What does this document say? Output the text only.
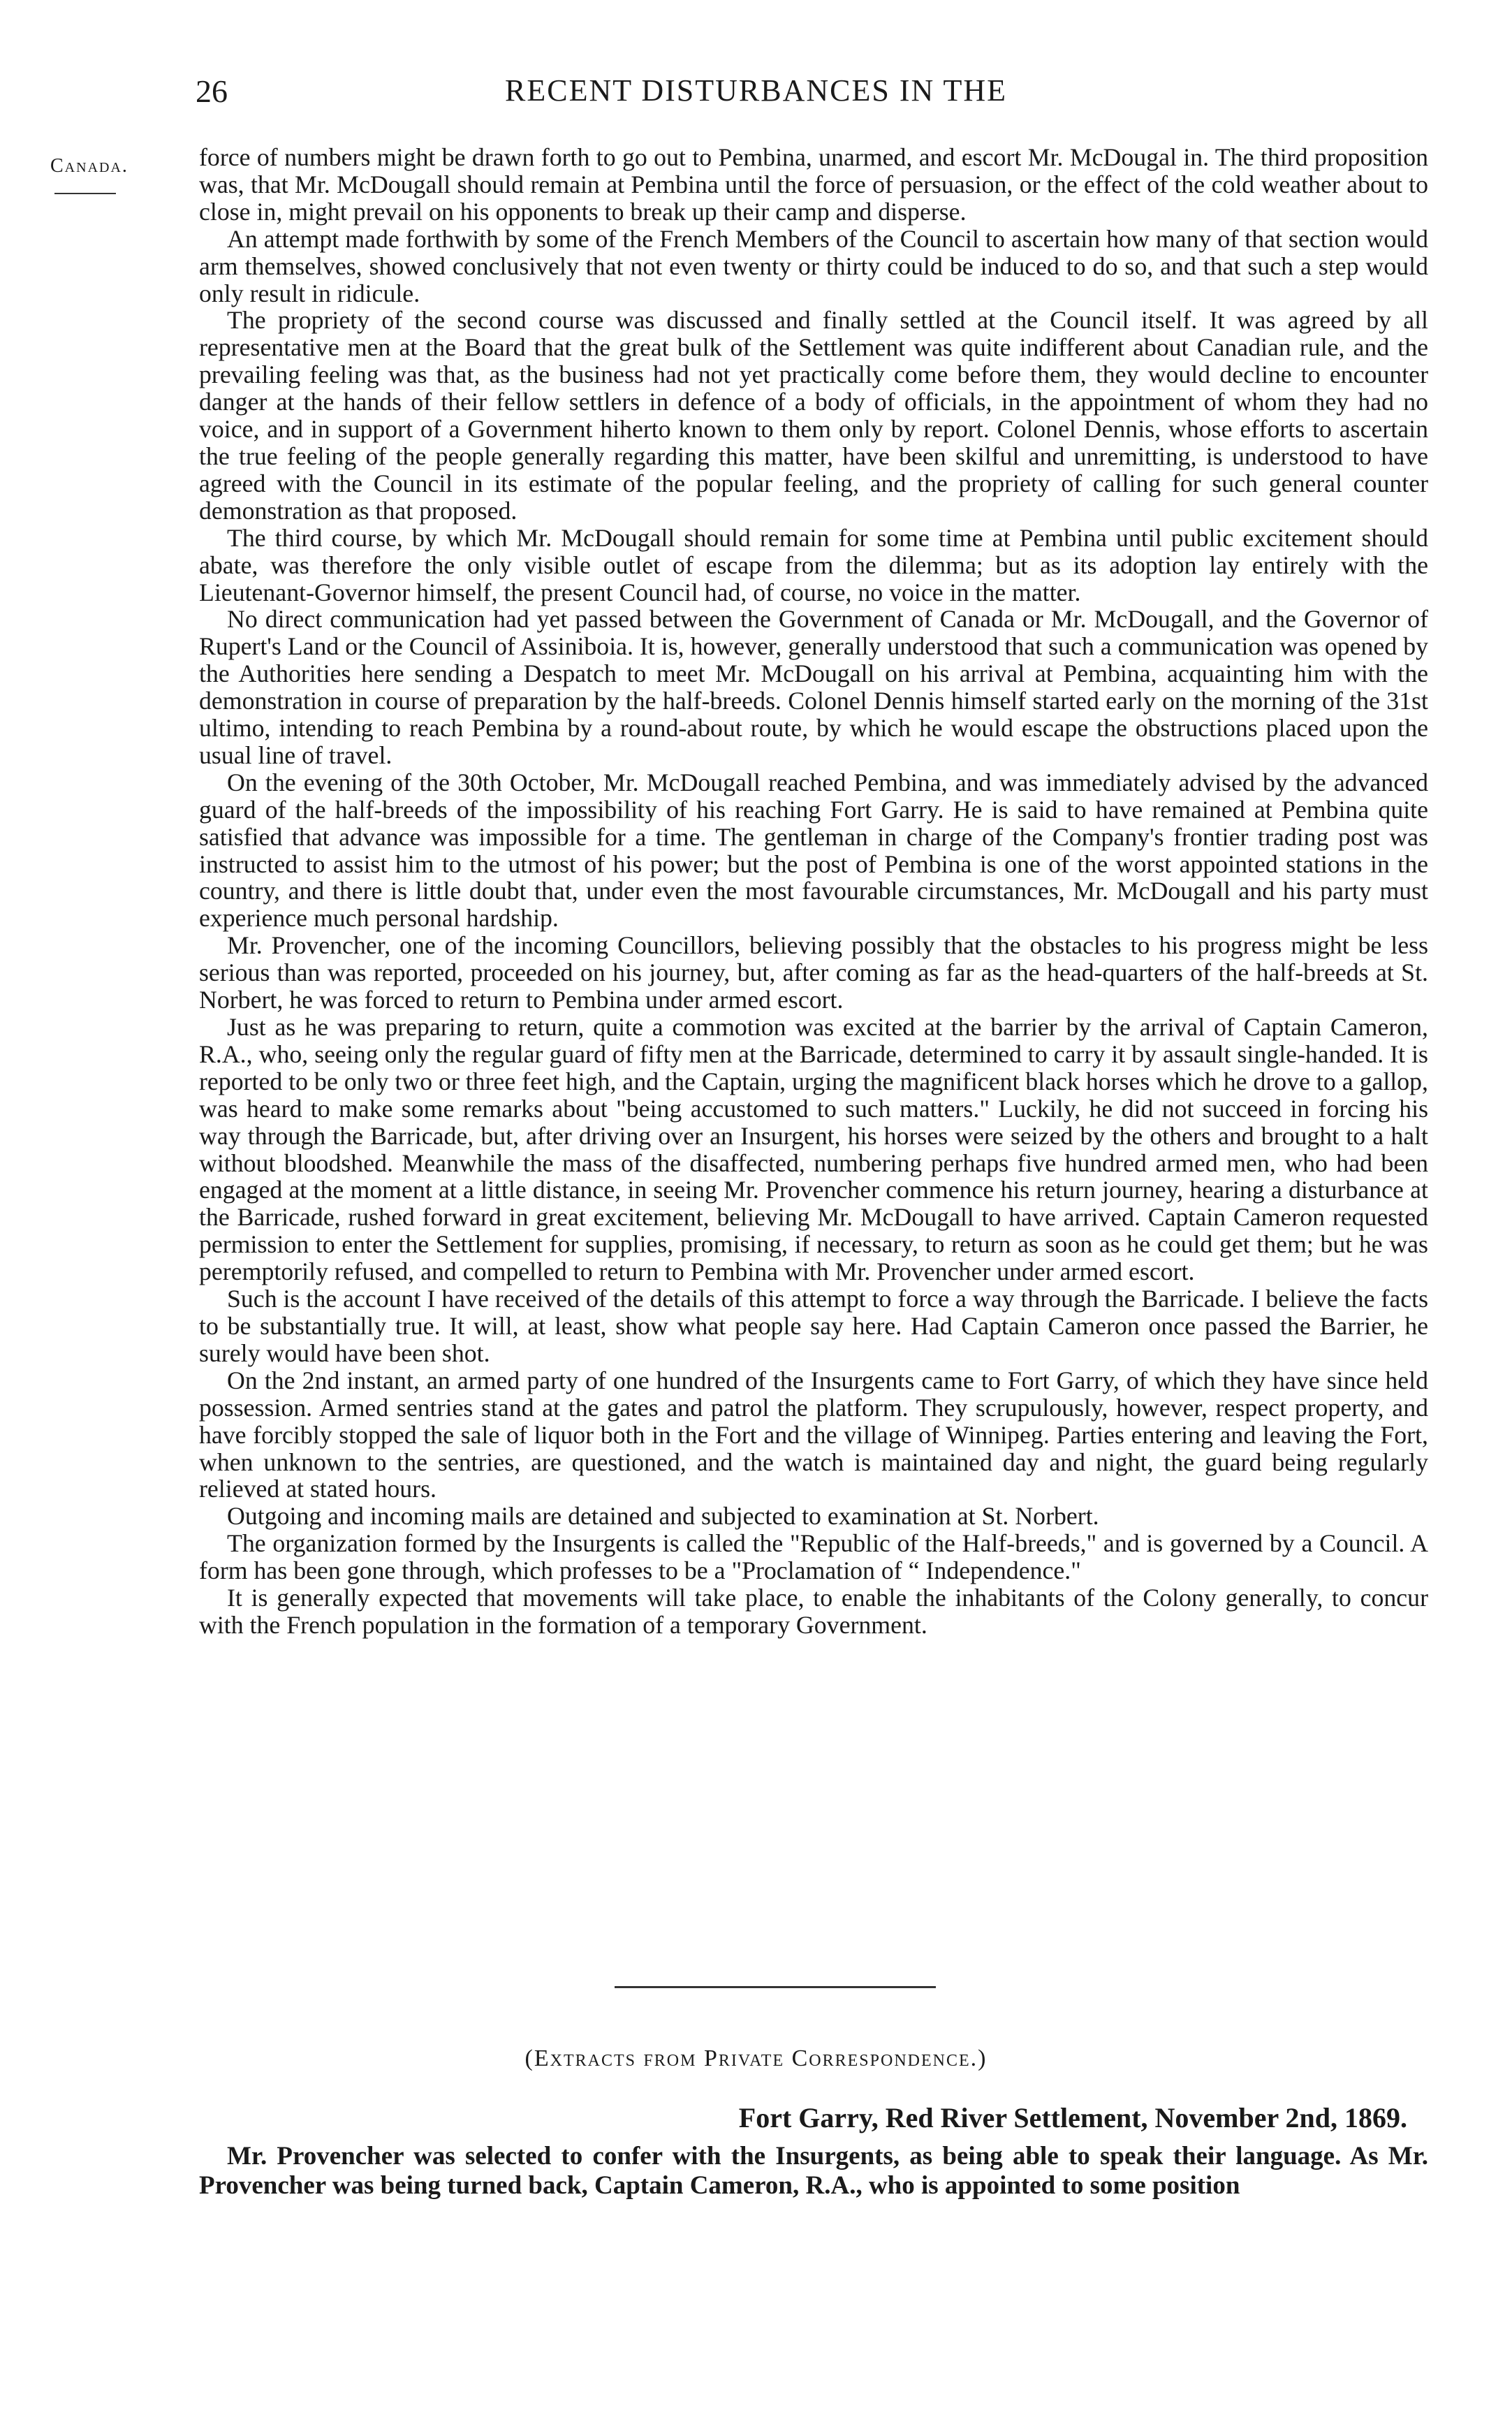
26	RECENT DISTURBANCES IN THE
Canada.	force of numbers might be drawn forth to go out to Pembina, unarmed, and escort Mr. McDougal in. The third proposition was, that Mr. McDougall should remain at Pembina until the force of persuasion, or the effect of the cold weather about to close in, might prevail on his opponents to break up their camp and disperse.

An attempt made forthwith by some of the French Members of the Council to ascertain how many of that section would arm themselves, showed conclusively that not even twenty or thirty could be induced to do so, and that such a step would only result in ridicule.

The propriety of the second course was discussed and finally settled at the Council itself. It was agreed by all representative men at the Board that the great bulk of the Settlement was quite indifferent about Canadian rule, and the prevailing feeling was that, as the business had not yet practically come before them, they would decline to encounter danger at the hands of their fellow settlers in defence of a body of officials, in the appointment of whom they had no voice, and in support of a Government hiherto known to them only by report. Colonel Dennis, whose efforts to ascertain the true feeling of the people generally regarding this matter, have been skilful and unremitting, is understood to have agreed with the Council in its estimate of the popular feeling, and the propriety of calling for such general counter demonstration as that proposed.

The third course, by which Mr. McDougall should remain for some time at Pembina until public excitement should abate, was therefore the only visible outlet of escape from the dilemma; but as its adoption lay entirely with the Lieutenant-Governor himself, the present Council had, of course, no voice in the matter.

No direct communication had yet passed between the Government of Canada or Mr. McDougall, and the Governor of Rupert's Land or the Council of Assiniboia. It is, however, generally understood that such a communication was opened by the Authorities here sending a Despatch to meet Mr. McDougall on his arrival at Pembina, acquainting him with the demonstration in course of preparation by the half-breeds. Colonel Dennis himself started early on the morning of the 31st ultimo, intending to reach Pembina by a round-about route, by which he would escape the obstructions placed upon the usual line of travel.

On the evening of the 30th October, Mr. McDougall reached Pembina, and was immediately advised by the advanced guard of the half-breeds of the impossibility of his reaching Fort Garry. He is said to have remained at Pembina quite satisfied that advance was impossible for a time. The gentleman in charge of the Company's frontier trading post was instructed to assist him to the utmost of his power; but the post of Pembina is one of the worst appointed stations in the country, and there is little doubt that, under even the most favourable circumstances, Mr. McDougall and his party must experience much personal hardship.

Mr. Provencher, one of the incoming Councillors, believing possibly that the obstacles to his progress might be less serious than was reported, proceeded on his journey, but, after coming as far as the head-quarters of the half-breeds at St. Norbert, he was forced to return to Pembina under armed escort.

Just as he was preparing to return, quite a commotion was excited at the barrier by the arrival of Captain Cameron, R.A., who, seeing only the regular guard of fifty men at the Barricade, determined to carry it by assault single-handed. It is reported to be only two or three feet high, and the Captain, urging the magnificent black horses which he drove to a gallop, was heard to make some remarks about "being accustomed to such matters." Luckily, he did not succeed in forcing his way through the Barricade, but, after driving over an Insurgent, his horses were seized by the others and brought to a halt without bloodshed. Meanwhile the mass of the disaffected, numbering perhaps five hundred armed men, who had been engaged at the moment at a little distance, in seeing Mr. Provencher commence his return journey, hearing a disturbance at the Barricade, rushed forward in great excitement, believing Mr. McDougall to have arrived. Captain Cameron requested permission to enter the Settlement for supplies, promising, if necessary, to return as soon as he could get them; but he was peremptorily refused, and compelled to return to Pembina with Mr. Provencher under armed escort.

Such is the account I have received of the details of this attempt to force a way through the Barricade. I believe the facts to be substantially true. It will, at least, show what people say here. Had Captain Cameron once passed the Barrier, he surely would have been shot.

On the 2nd instant, an armed party of one hundred of the Insurgents came to Fort Garry, of which they have since held possession. Armed sentries stand at the gates and patrol the platform. They scrupulously, however, respect property, and have forcibly stopped the sale of liquor both in the Fort and the village of Winnipeg. Parties entering and leaving the Fort, when unknown to the sentries, are questioned, and the watch is maintained day and night, the guard being regularly relieved at stated hours.

Outgoing and incoming mails are detained and subjected to examination at St. Norbert.

The organization formed by the Insurgents is called the "Republic of the Half-breeds," and is governed by a Council. A form has been gone through, which professes to be a "Proclamation of “ Independence."

It is generally expected that movements will take place, to enable the inhabitants of the Colony generally, to concur with the French population in the formation of a temporary Government.

(Extracts from Private Correspondence.)
Fort Garry, Red River Settlement, November 2nd, 1869.

Mr. Provencher was selected to confer with the Insurgents, as being able to speak their language. As Mr. Provencher was being turned back, Captain Cameron, R.A., who is appointed to some position
